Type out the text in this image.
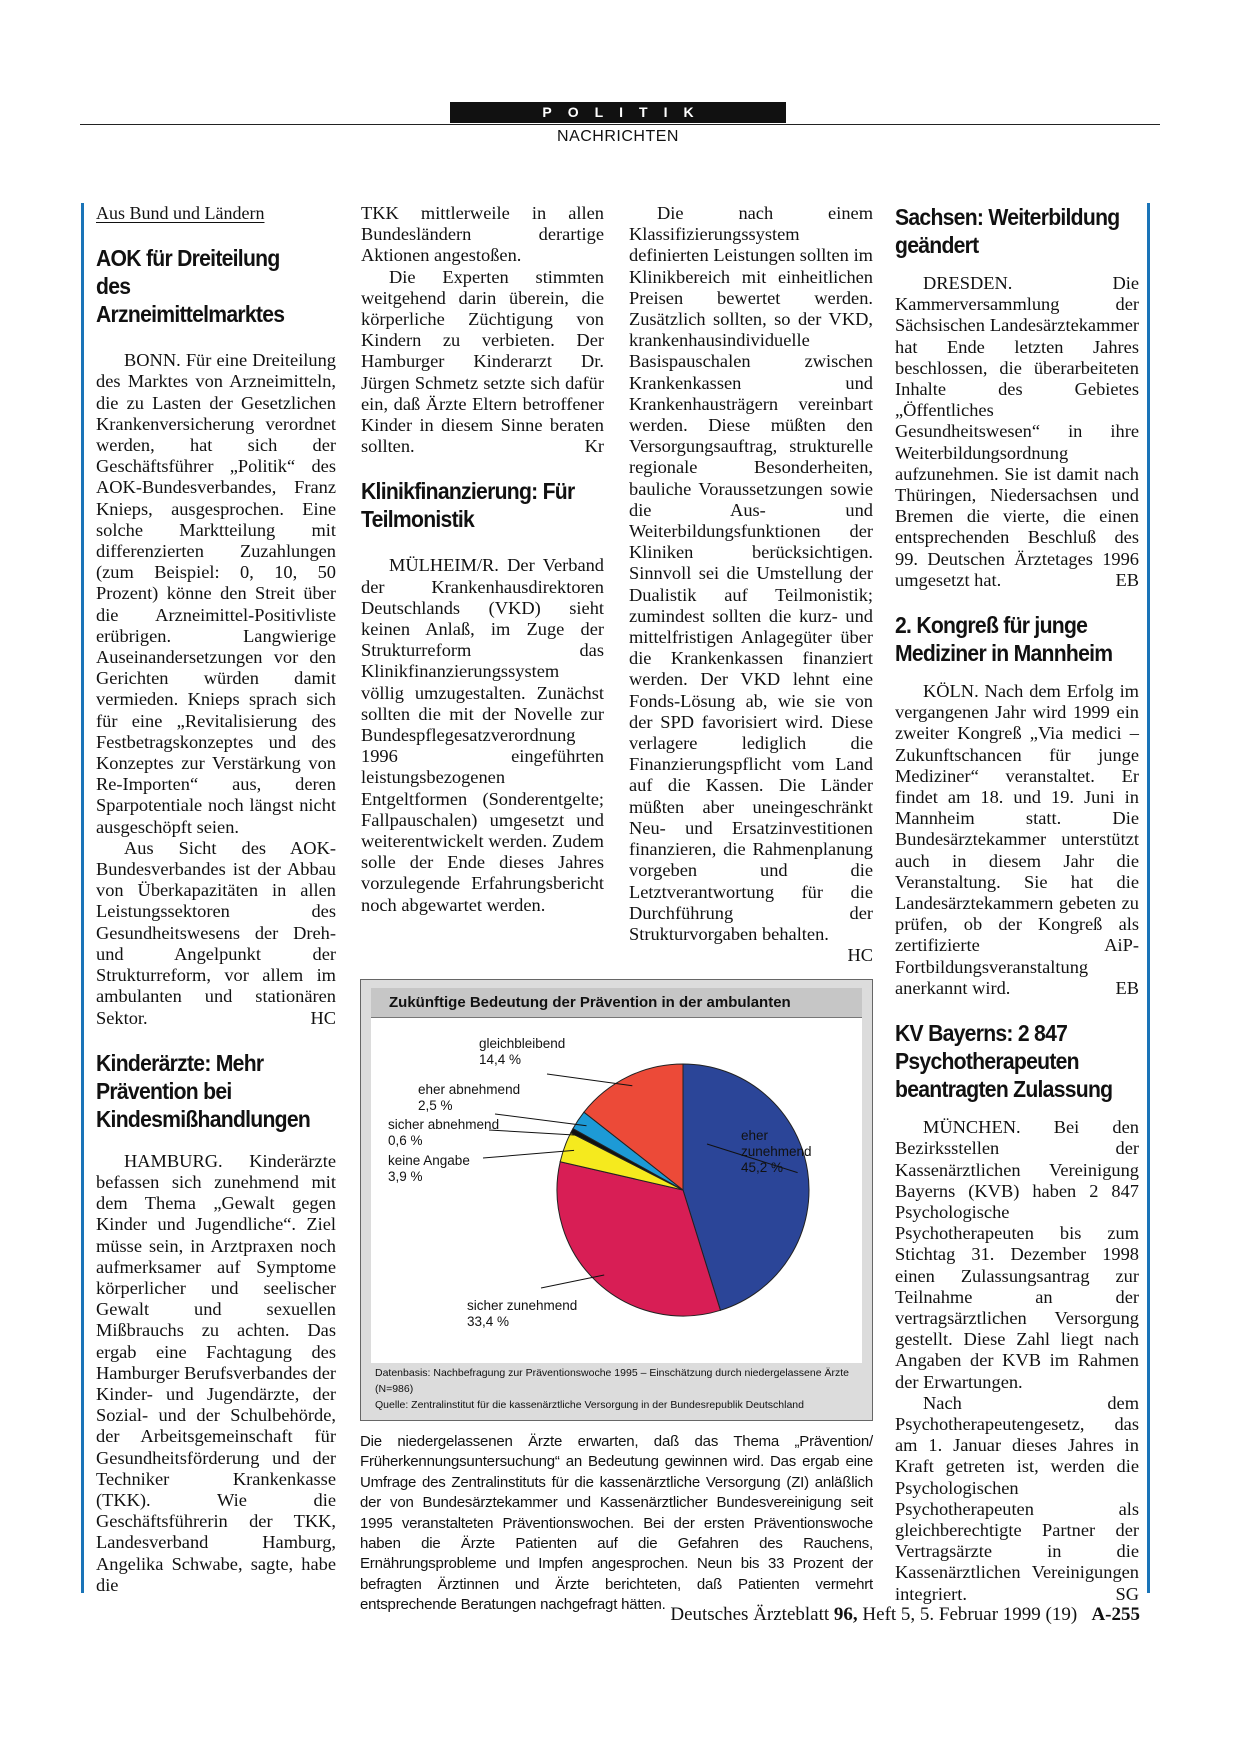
POLITIK
NACHRICHTEN
Aus Bund und Ländern
AOK für Dreiteilung des Arzneimittelmarktes

BONN. Für eine Dreiteilung des Marktes von Arzneimitteln, die zu Lasten der Gesetzlichen Krankenversicherung verordnet werden, hat sich der Geschäftsführer „Politik“ des AOK-Bundesverbandes, Franz Knieps, ausgesprochen. Eine solche Marktteilung mit differenzierten Zuzahlungen (zum Beispiel: 0, 10, 50 Prozent) könne den Streit über die Arzneimittel-Positivliste erübrigen. Langwierige Auseinandersetzungen vor den Gerichten würden damit vermieden. Knieps sprach sich für eine „Revitalisierung des Festbetragskonzeptes und des Konzeptes zur Verstärkung von Re-Importen“ aus, deren Sparpotentiale noch längst nicht ausgeschöpft seien.

Aus Sicht des AOK-Bundesverbandes ist der Abbau von Überkapazitäten in allen Leistungssektoren des Gesundheitswesens der Dreh- und Angelpunkt der Strukturreform, vor allem im ambulanten und stationären Sektor.	HC

Kinderärzte: Mehr Prävention bei Kindesmißhandlungen

HAMBURG. Kinderärzte befassen sich zunehmend mit dem Thema „Gewalt gegen Kinder und Jugendliche“. Ziel müsse sein, in Arztpraxen noch aufmerksamer auf Symptome körperlicher und seelischer Gewalt und sexuellen Mißbrauchs zu achten. Das ergab eine Fachtagung des Hamburger Berufsverbandes der Kinder- und Jugendärzte, der Sozial- und der Schulbehörde, der Arbeitsgemeinschaft für Gesundheitsförderung und der Techniker Krankenkasse (TKK). Wie die Geschäftsführerin der TKK, Landesverband Hamburg, Angelika Schwabe, sagte, habe die

TKK mittlerweile in allen Bundesländern derartige Aktionen angestoßen.

Die Experten stimmten weitgehend darin überein, die körperliche Züchtigung von Kindern zu verbieten. Der Hamburger Kinderarzt Dr. Jürgen Schmetz setzte sich dafür ein, daß Ärzte Eltern betroffener Kinder in diesem Sinne beraten sollten.	Kr

Klinikfinanzierung: Für Teilmonistik

MÜLHEIM/R. Der Verband der Krankenhausdirektoren Deutschlands (VKD) sieht keinen Anlaß, im Zuge der Strukturreform das Klinikfinanzierungssystem völlig umzugestalten. Zunächst sollten die mit der Novelle zur Bundespflegesatzverordnung 1996 eingeführten leistungsbezogenen Entgeltformen (Sonderentgelte; Fallpauschalen) umgesetzt und weiterentwickelt werden. Zudem solle der Ende dieses Jahres vorzulegende Erfahrungsbericht noch abgewartet werden.

Die nach einem Klassifizierungssystem definierten Leistungen sollten im Klinikbereich mit einheitlichen Preisen bewertet werden. Zusätzlich sollten, so der VKD, krankenhausindividuelle Basispauschalen zwischen Krankenkassen und Krankenhausträgern vereinbart werden. Diese müßten den Versorgungsauftrag, strukturelle regionale Besonderheiten, bauliche Voraussetzungen sowie die Aus- und Weiterbildungsfunktionen der Kliniken berücksichtigen. Sinnvoll sei die Umstellung der Dualistik auf Teilmonistik; zumindest sollten die kurz- und mittelfristigen Anlagegüter über die Krankenkassen finanziert werden. Der VKD lehnt eine Fonds-Lösung ab, wie sie von der SPD favorisiert wird. Diese verlagere lediglich die Finanzierungspflicht vom Land auf die Kassen. Die Länder müßten aber uneingeschränkt Neu- und Ersatzinvestitionen finanzieren, die Rahmenplanung vorgeben und die Letztverantwortung für die Durchführung der Strukturvorgaben behalten.
HC

Sachsen: Weiterbildung geändert

DRESDEN. Die Kammerversammlung der Sächsischen Landesärztekammer hat Ende letzten Jahres beschlossen, die überarbeiteten Inhalte des Gebietes „Öffentliches Gesundheitswesen“ in ihre Weiterbildungsordnung aufzunehmen. Sie ist damit nach Thüringen, Niedersachsen und Bremen die vierte, die einen entsprechenden Beschluß des 99. Deutschen Ärztetages 1996 umgesetzt hat.	EB

2. Kongreß für junge Mediziner in Mannheim

KÖLN. Nach dem Erfolg im vergangenen Jahr wird 1999 ein zweiter Kongreß „Via medici – Zukunftschancen für junge Mediziner“ veranstaltet. Er findet am 18. und 19. Juni in Mannheim statt. Die Bundesärztekammer unterstützt auch in diesem Jahr die Veranstaltung. Sie hat die Landesärztekammern gebeten zu prüfen, ob der Kongreß als zertifizierte AiP-Fortbildungsveranstaltung anerkannt wird.	EB

KV Bayerns: 2 847 Psychotherapeuten beantragten Zulassung

MÜNCHEN. Bei den Bezirksstellen der Kassenärztlichen Vereinigung Bayerns (KVB) haben 2 847 Psychologische Psychotherapeuten bis zum Stichtag 31. Dezember 1998 einen Zulassungsantrag zur Teilnahme an der vertragsärztlichen Versorgung gestellt. Diese Zahl liegt nach Angaben der KVB im Rahmen der Erwartungen.

Nach dem Psychotherapeutengesetz, das am 1. Januar dieses Jahres in Kraft getreten ist, werden die Psychologischen Psychotherapeuten als gleichberechtigte Partner der Vertragsärzte in die Kassenärztlichen Vereinigungen integriert.	SG

Zukünftige Bedeutung der Prävention in der ambulanten
eher
zunehmend
45,2 %
sicher zunehmend
33,4 %
keine Angabe
3,9 %
sicher abnehmend
0,6 %
eher abnehmend
2,5 %
gleichbleibend
14,4 %
Datenbasis: Nachbefragung zur Präventionswoche 1995 – Einschätzung durch niedergelassene Ärzte (N=986)
Quelle: Zentralinstitut für die kassenärztliche Versorgung in der Bundesrepublik Deutschland
Die niedergelassenen Ärzte erwarten, daß das Thema „Prävention/ Früherkennungsuntersuchung“ an Bedeutung gewinnen wird. Das ergab eine Umfrage des Zentralinstituts für die kassenärztliche Versorgung (ZI) anläßlich der von Bundesärztekammer und Kassenärztlicher Bundesvereinigung seit 1995 veranstalteten Präventionswochen. Bei der ersten Präventionswoche haben die Ärzte Patienten auf die Gefahren des Rauchens, Ernährungsprobleme und Impfen angesprochen. Neun bis 33 Prozent der befragten Ärztinnen und Ärzte berichteten, daß Patienten vermehrt entsprechende Beratungen nachgefragt hätten. Deutsches Ärzteblatt 96, Heft 5, 5. Februar 1999 (19) A-255
